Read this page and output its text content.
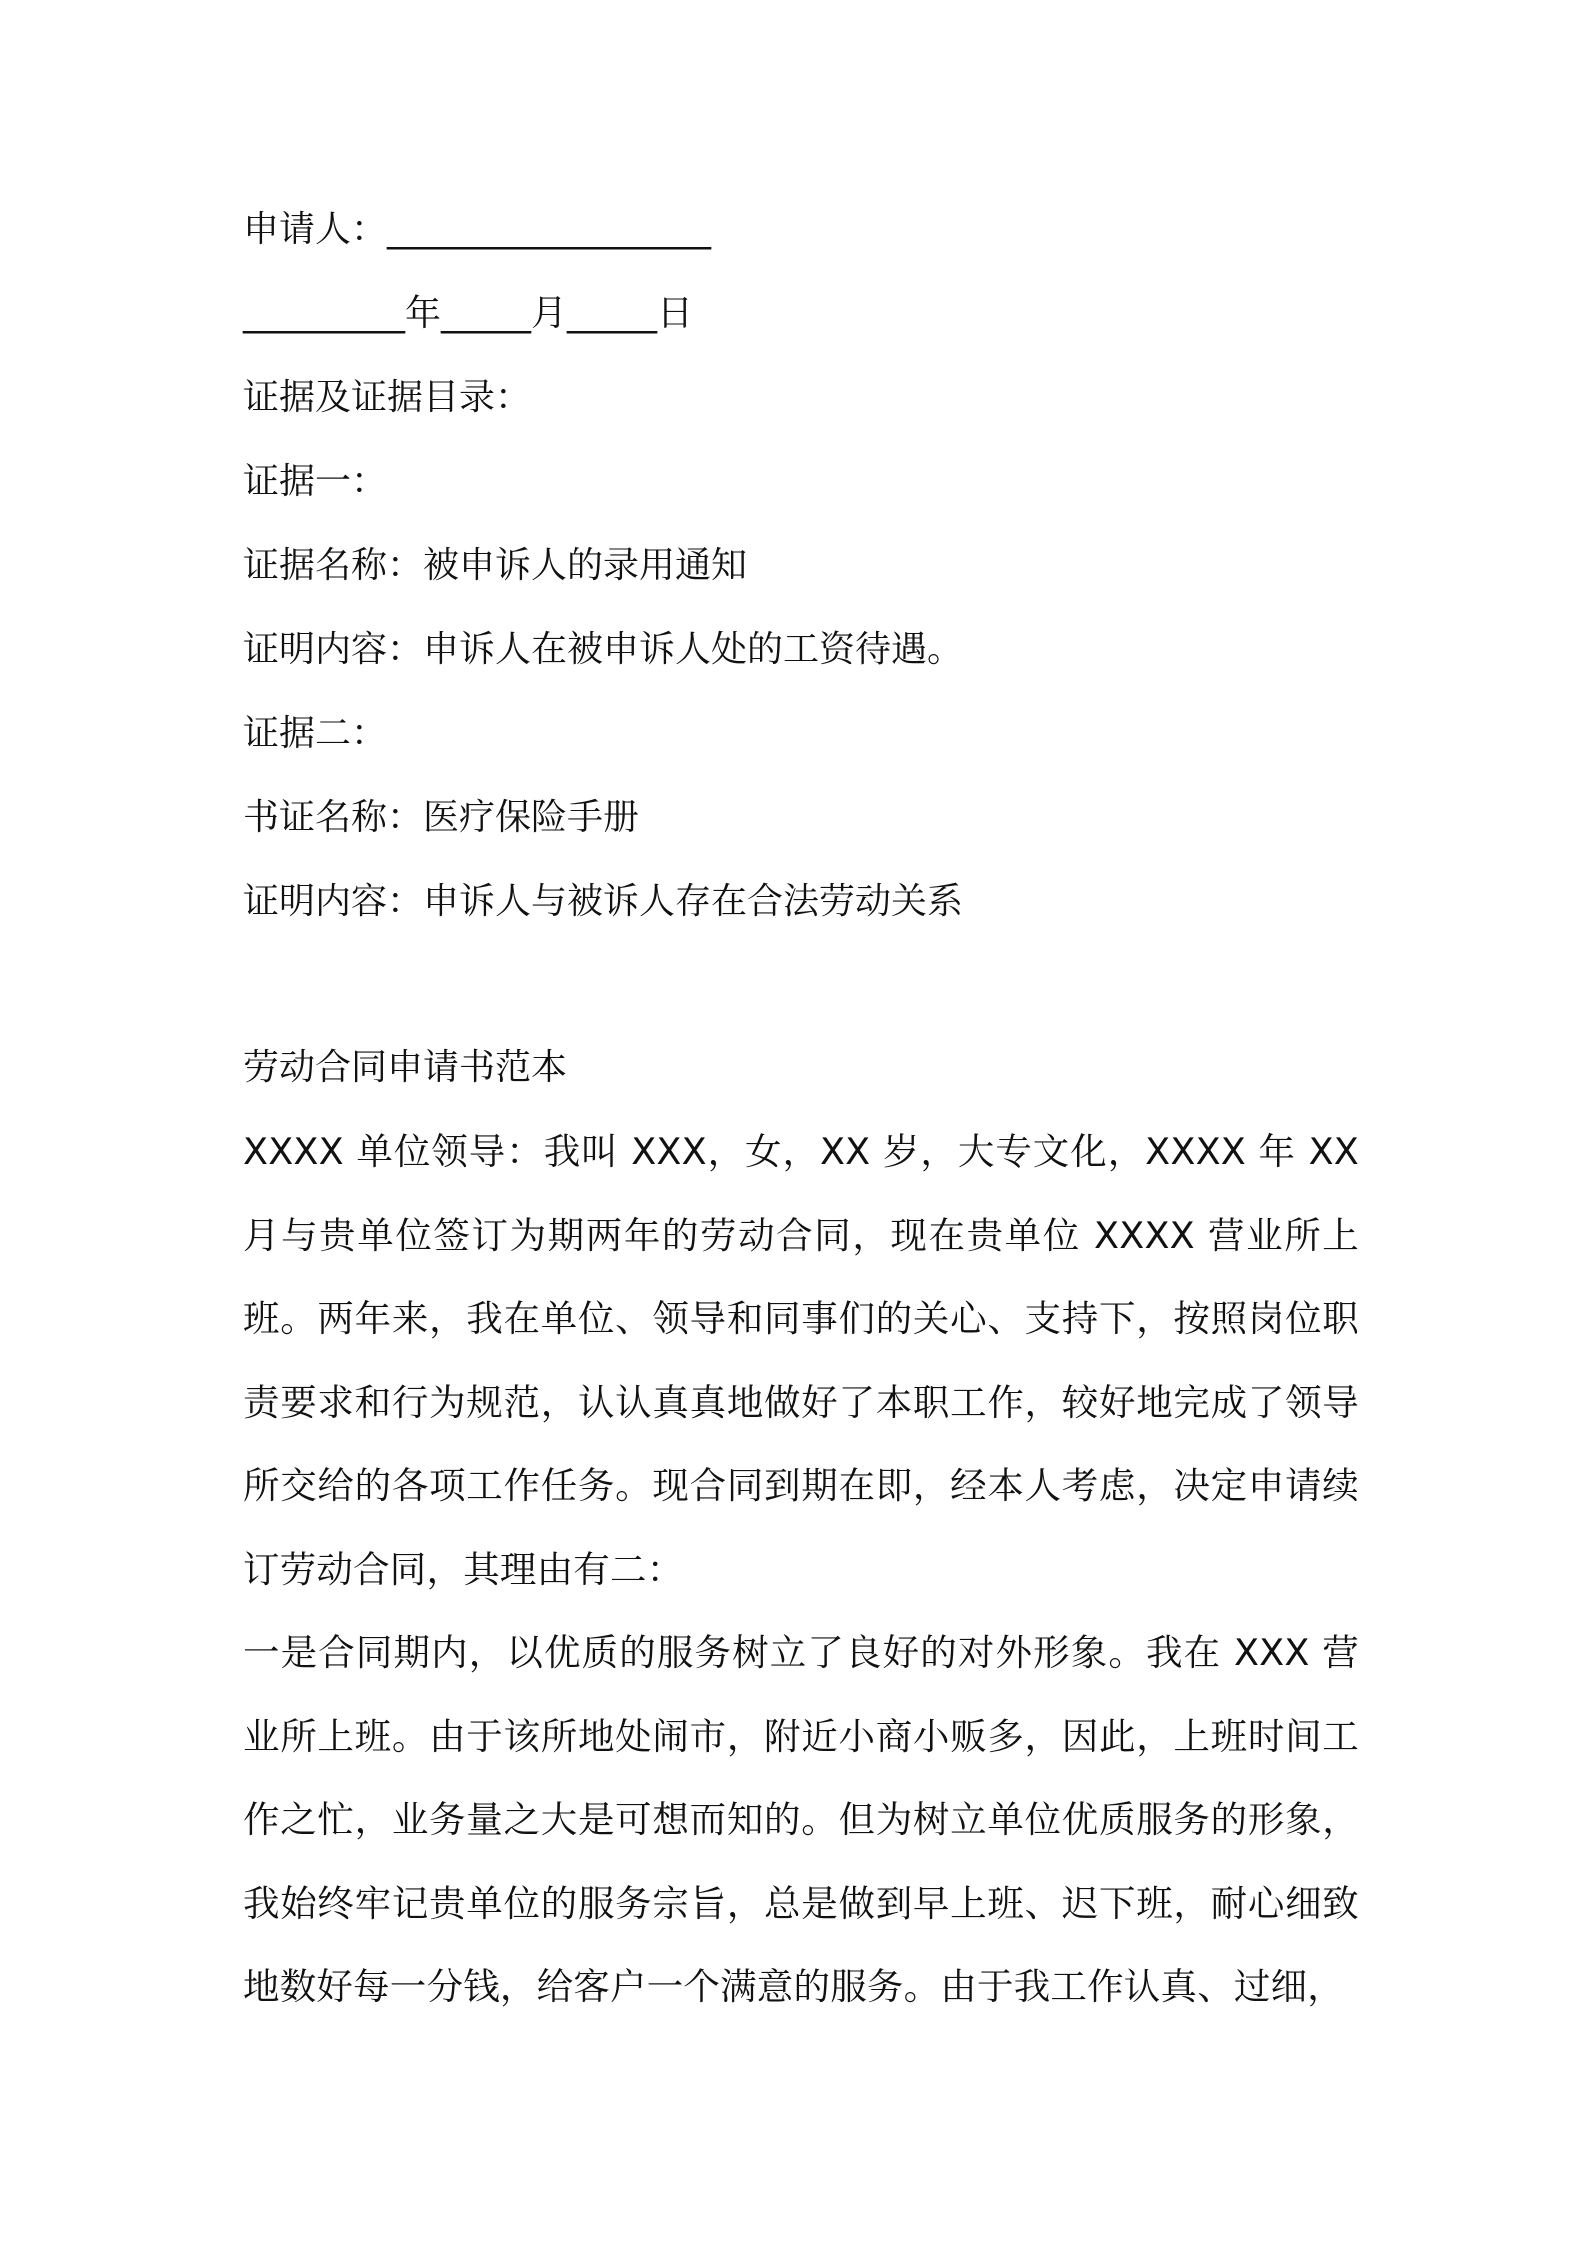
申请人：__________________
_________年_____月_____日
证据及证据目录：
证据一：
证据名称：被申诉人的录用通知
证明内容：申诉人在被申诉人处的工资待遇。
证据二：
书证名称：医疗保险手册
证明内容：申诉人与被诉人存在合法劳动关系
劳动合同申请书范本

XXXX 单位领导：我叫 XXX，女，XX 岁，大专文化，XXXX 年 XX 月与贵单位签订为期两年的劳动合同，现在贵单位 XXXX 营业所上班。两年来，我在单位、领导和同事们的关心、支持下，按照岗位职责要求和行为规范，认认真真地做好了本职工作，较好地完成了领导所交给的各项工作任务。现合同到期在即，经本人考虑，决定申请续订劳动合同，其理由有二：

一是合同期内，以优质的服务树立了良好的对外形象。我在 XXX 营业所上班。由于该所地处闹市，附近小商小贩多，因此，上班时间工作之忙，业务量之大是可想而知的。但为树立单位优质服务的形象，我始终牢记贵单位的服务宗旨，总是做到早上班、迟下班，耐心细致地数好每一分钱，给客户一个满意的服务。由于我工作认真、过细，
